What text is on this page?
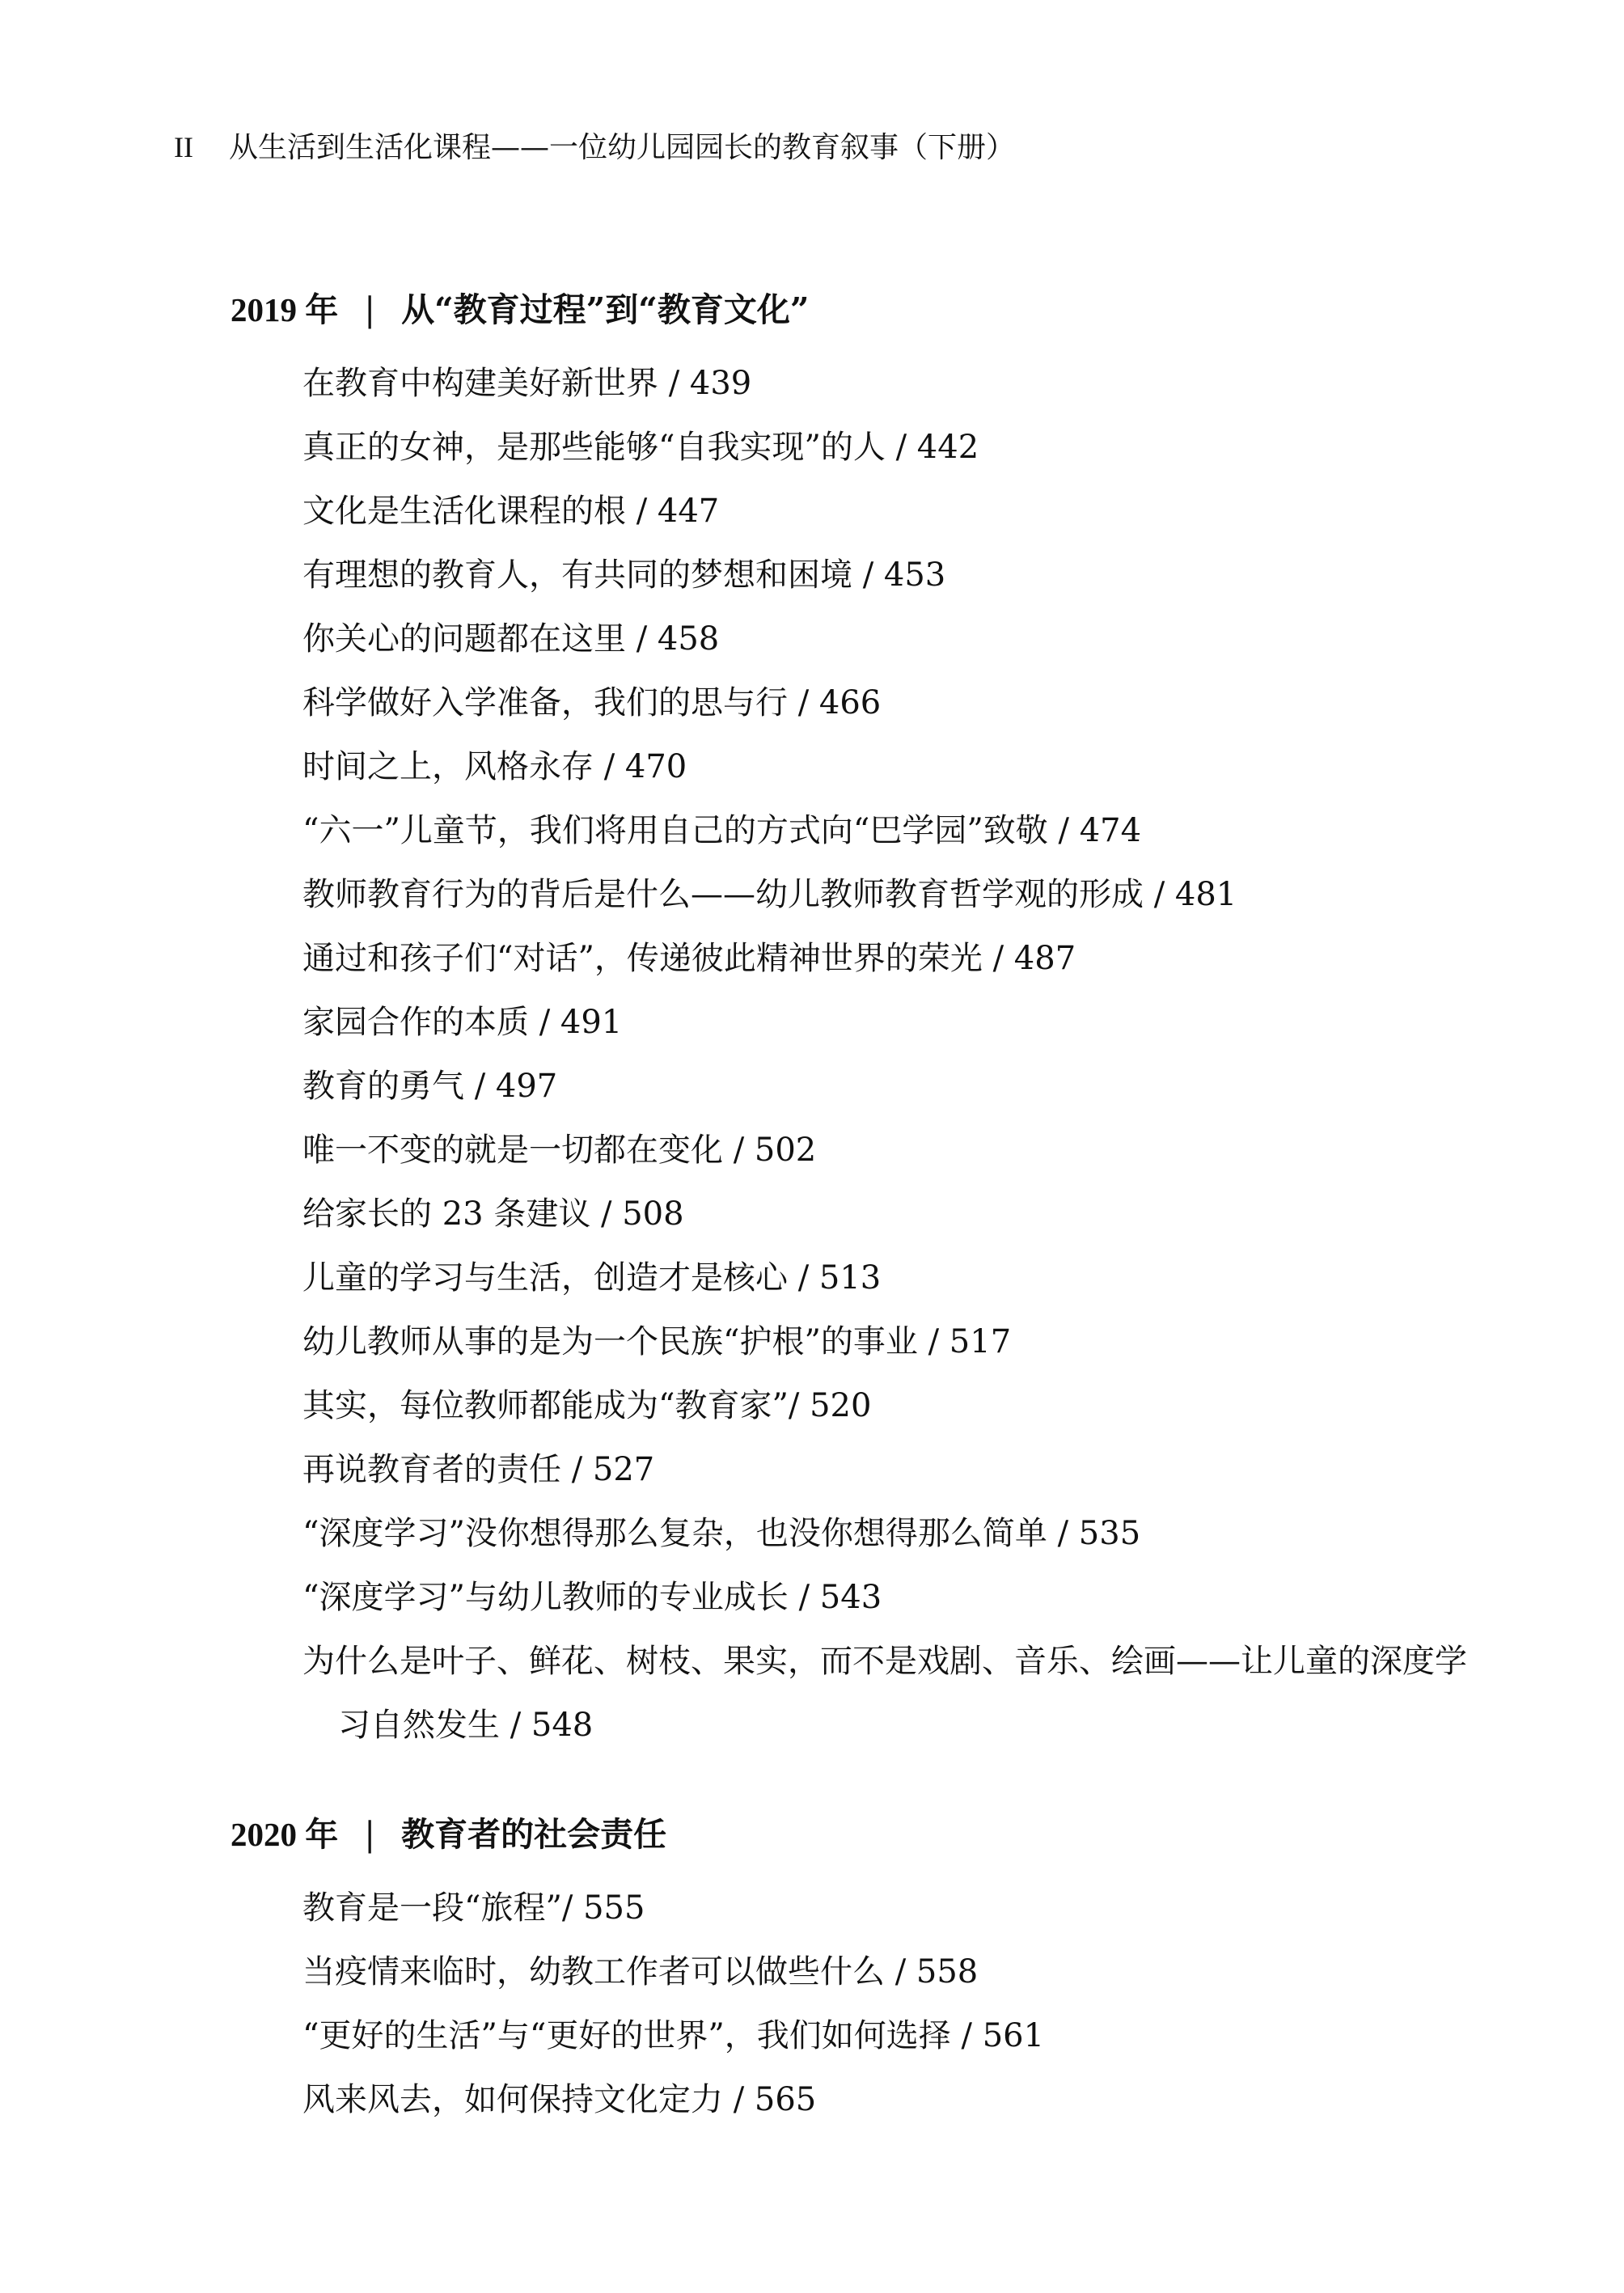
II 从生活到生活化课程——一位幼儿园园长的教育叙事（下册）
2019 年 | 从“教育过程”到“教育文化”
在教育中构建美好新世界 / 439
真正的女神，是那些能够“自我实现”的人 / 442
文化是生活化课程的根 / 447
有理想的教育人，有共同的梦想和困境 / 453
你关心的问题都在这里 / 458
科学做好入学准备，我们的思与行 / 466
时间之上，风格永存 / 470
“六一”儿童节，我们将用自己的方式向“巴学园”致敬 / 474
教师教育行为的背后是什么——幼儿教师教育哲学观的形成 / 481
通过和孩子们“对话”，传递彼此精神世界的荣光 / 487
家园合作的本质 / 491
教育的勇气 / 497
唯一不变的就是一切都在变化 / 502
给家长的 23 条建议 / 508
儿童的学习与生活，创造才是核心 / 513
幼儿教师从事的是为一个民族“护根”的事业 / 517
其实，每位教师都能成为“教育家”/ 520
再说教育者的责任 / 527
“深度学习”没你想得那么复杂，也没你想得那么简单 / 535
“深度学习”与幼儿教师的专业成长 / 543
为什么是叶子、鲜花、树枝、果实，而不是戏剧、音乐、绘画——让儿童的深度学习自然发生 / 548
2020 年 | 教育者的社会责任
教育是一段“旅程”/ 555
当疫情来临时，幼教工作者可以做些什么 / 558
“更好的生活”与“更好的世界”，我们如何选择 / 561
风来风去，如何保持文化定力 / 565
